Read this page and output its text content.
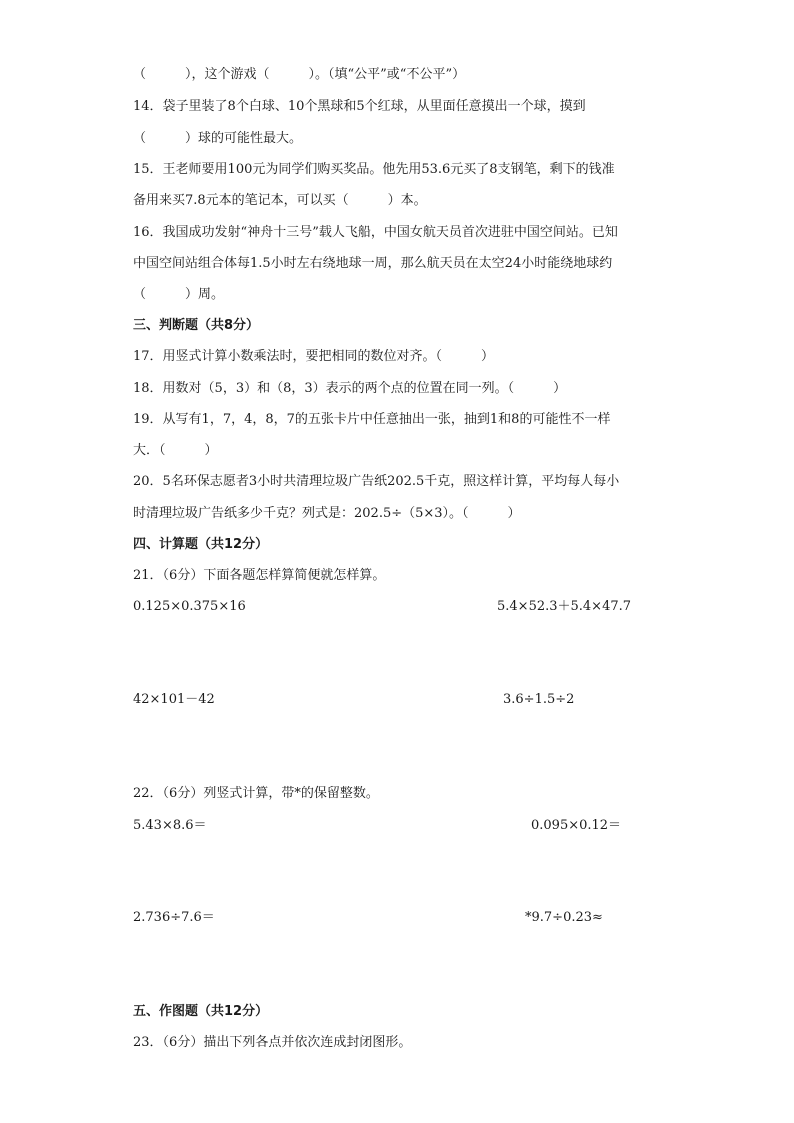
（　　　），这个游戏（　　　）。（填“公平”或“不公平”）
14．袋子里装了8个白球、10个黑球和5个红球，从里面任意摸出一个球，摸到
（　　　）球的可能性最大。
15．王老师要用100元为同学们购买奖品。他先用53.6元买了8支钢笔，剩下的钱准
备用来买7.8元本的笔记本，可以买（　　　）本。
16．我国成功发射“神舟十三号”载人飞船，中国女航天员首次进驻中国空间站。已知
中国空间站组合体每1.5小时左右绕地球一周，那么航天员在太空24小时能绕地球约
（　　　）周。
三、判断题（共8分）
17．用竖式计算小数乘法时，要把相同的数位对齐。（　　　）
18．用数对（5，3）和（8，3）表示的两个点的位置在同一列。（　　　）
19．从写有1，7，4，8，7的五张卡片中任意抽出一张，抽到1和8的可能性不一样
大．（　　　）
20．5名环保志愿者3小时共清理垃圾广告纸202.5千克，照这样计算，平均每人每小
时清理垃圾广告纸多少千克？列式是：202.5÷（5×3）。（　　　）
四、计算题（共12分）
21．（6分）下面各题怎样算简便就怎样算。
0.125×0.375×16	5.4×52.3＋5.4×47.7
42×101－42	3.6÷1.5÷2
22．（6分）列竖式计算，带*的保留整数。
5.43×8.6＝	0.095×0.12＝
2.736÷7.6＝	*9.7÷0.23≈
五、作图题（共12分）
23．（6分）描出下列各点并依次连成封闭图形。
